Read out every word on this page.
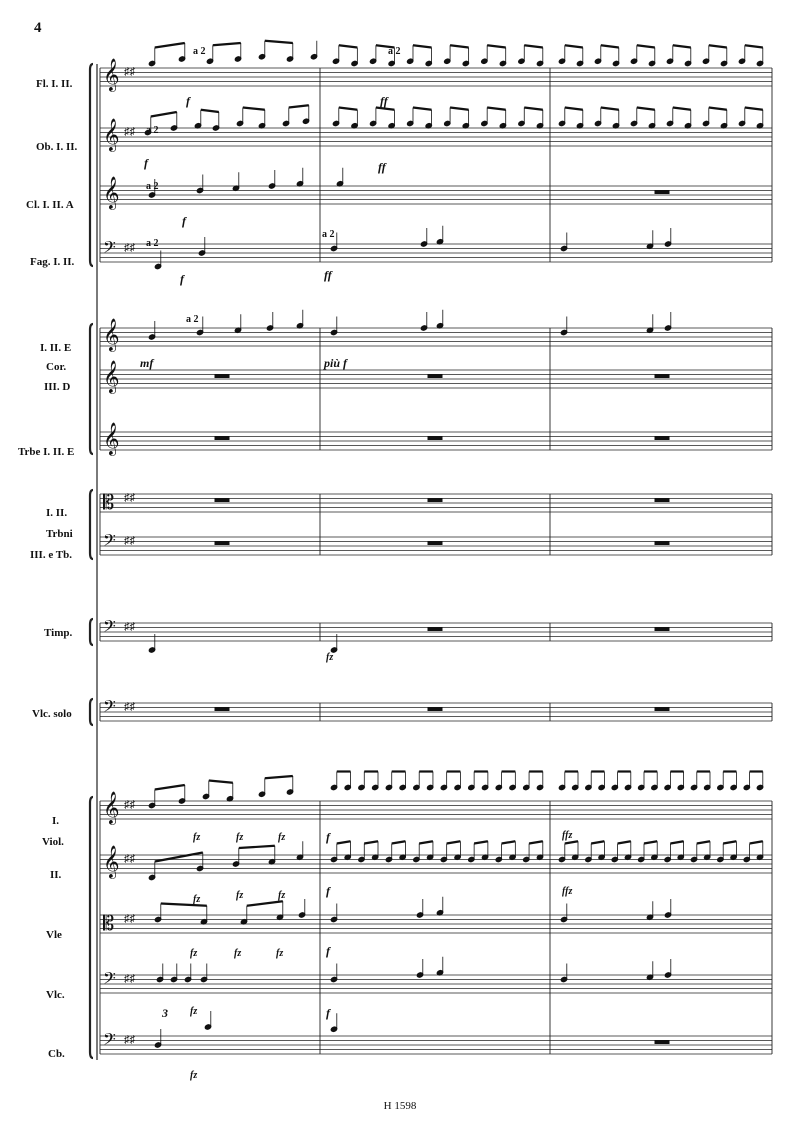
4
𝄞 ♯♯
𝄞 ♯♯
𝄞
𝄢 ♯♯
𝄞
𝄞
𝄞
𝄡 ♯♯
𝄢 ♯♯
𝄢 ♯♯
𝄢 ♯♯
𝄞 ♯♯
𝄞 ♯♯
𝄡 ♯♯
𝄢 ♯♯
𝄢 ♯♯
Fl. I. II.
Ob. I. II.
Cl. I. II. A
Fag. I. II.
I. II. E
Cor.
III. D
Trbe I. II. E
I. II.
Trbni
III. e Tb.
Timp.
Vlc. solo
I.
Viol.
II.
Vle
Vlc.
Cb.
a 2	a 2
a 2
a 2
a 2
a 2
a 2
f	ff
f	ff
f
f	ff
mf	più f
fz
fz	fz	fz	f	ffz
fz	fz	fz	f	ffz
fz	fz	fz	f
3 fz	f
fz
H 1598
